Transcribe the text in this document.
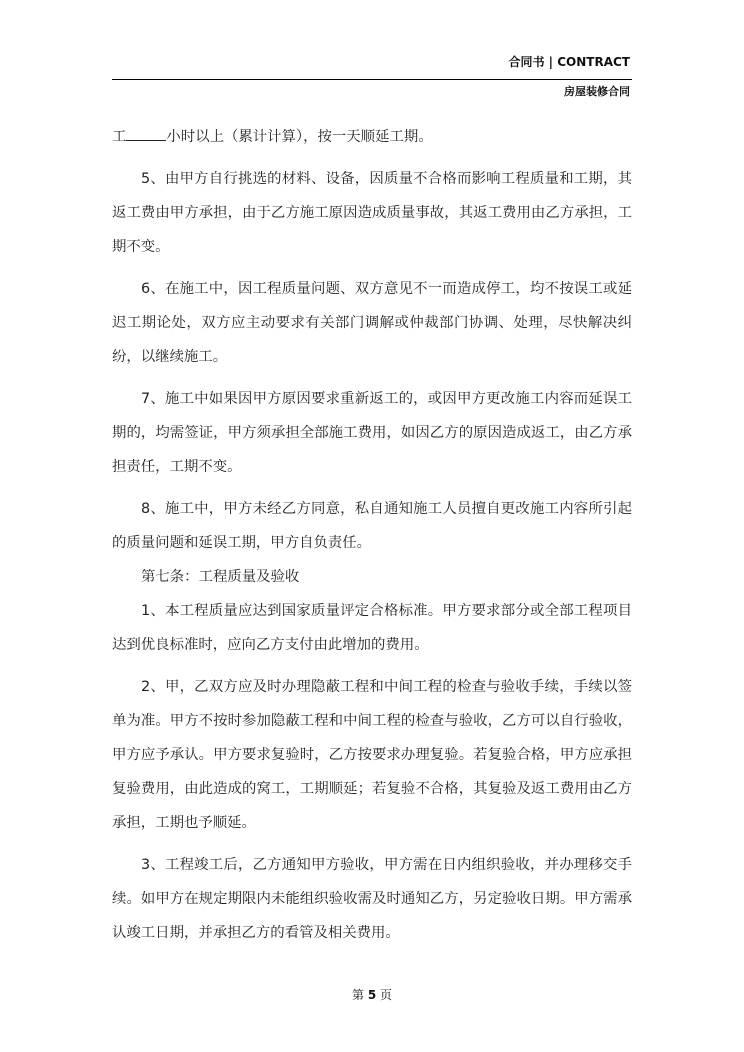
合同书 | CONTRACT
房屋装修合同

工	小时以上（累计计算），按一天顺延工期。

5、由甲方自行挑选的材料、设备，因质量不合格而影响工程质量和工期，其返工费由甲方承担，由于乙方施工原因造成质量事故，其返工费用由乙方承担，工期不变。

6、在施工中，因工程质量问题、双方意见不一而造成停工，均不按误工或延迟工期论处，双方应主动要求有关部门调解或仲裁部门协调、处理，尽快解决纠纷，以继续施工。

7、施工中如果因甲方原因要求重新返工的，或因甲方更改施工内容而延误工期的，均需签证，甲方须承担全部施工费用，如因乙方的原因造成返工，由乙方承担责任，工期不变。

8、施工中，甲方未经乙方同意，私自通知施工人员擅自更改施工内容所引起的质量问题和延误工期，甲方自负责任。

第七条：工程质量及验收

1、本工程质量应达到国家质量评定合格标准。甲方要求部分或全部工程项目达到优良标准时，应向乙方支付由此增加的费用。

2、甲，乙双方应及时办理隐蔽工程和中间工程的检查与验收手续，手续以签单为准。甲方不按时参加隐蔽工程和中间工程的检查与验收，乙方可以自行验收，甲方应予承认。甲方要求复验时，乙方按要求办理复验。若复验合格，甲方应承担复验费用，由此造成的窝工，工期顺延；若复验不合格，其复验及返工费用由乙方承担，工期也予顺延。

3、工程竣工后，乙方通知甲方验收，甲方需在日内组织验收，并办理移交手续。如甲方在规定期限内未能组织验收需及时通知乙方，另定验收日期。甲方需承认竣工日期，并承担乙方的看管及相关费用。

第 5 页
